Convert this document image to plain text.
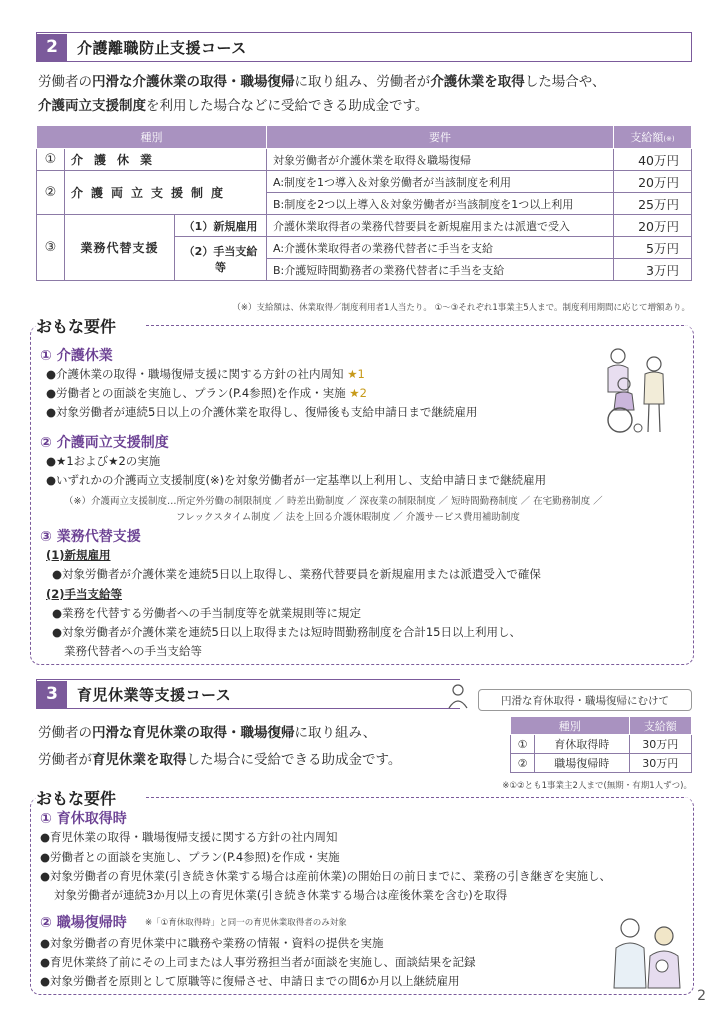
2	介護離職防止支援コース
労働者の円滑な介護休業の取得・職場復帰に取り組み、労働者が介護休業を取得した場合や、
介護両立支援制度を利用した場合などに受給できる助成金です。
種別			要件	支給額(※)
①	介護休業		対象労働者が介護休業を取得＆職場復帰	40万円
②	介護両立支援制度		A:制度を1つ導入＆対象労働者が当該制度を利用	20万円
			B:制度を2つ以上導入＆対象労働者が当該制度を1つ以上利用	25万円
③	業務代替支援	（1）新規雇用	介護休業取得者の業務代替要員を新規雇用または派遣で受入	20万円
		（2）手当支給等	A:介護休業取得者の業務代替者に手当を支給	5万円
			B:介護短時間勤務者の業務代替者に手当を支給	3万円
（※）支給額は、休業取得／制度利用者1人当たり。 ①〜③それぞれ1事業主5人まで。制度利用期間に応じて増額あり。
おもな要件
① 介護休業
●介護休業の取得・職場復帰支援に関する方針の社内周知 ★1
●労働者との面談を実施し、プラン(P.4参照)を作成・実施 ★2
●対象労働者が連続5日以上の介護休業を取得し、復帰後も支給申請日まで継続雇用
② 介護両立支援制度
●★1および★2の実施
●いずれかの介護両立支援制度(※)を対象労働者が一定基準以上利用し、支給申請日まで継続雇用
（※）介護両立支援制度…所定外労働の制限制度 ／ 時差出勤制度 ／ 深夜業の制限制度 ／ 短時間勤務制度 ／ 在宅勤務制度 ／
フレックスタイム制度 ／ 法を上回る介護休暇制度 ／ 介護サービス費用補助制度
③ 業務代替支援
(1)新規雇用
●対象労働者が介護休業を連続5日以上取得し、業務代替要員を新規雇用または派遣受入で確保
(2)手当支給等
●業務を代替する労働者への手当制度等を就業規則等に規定
●対象労働者が介護休業を連続5日以上取得または短時間勤務制度を合計15日以上利用し、
業務代替者への手当支給等
3	育児休業等支援コース	円滑な育休取得・職場復帰にむけて
労働者の円滑な育児休業の取得・職場復帰に取り組み、
労働者が育児休業を取得した場合に受給できる助成金です。
種別		支給額
①	育休取得時	30万円
②	職場復帰時	30万円
※①②とも1事業主2人まで(無期・有期1人ずつ)。
おもな要件
① 育休取得時
●育児休業の取得・職場復帰支援に関する方針の社内周知
●労働者との面談を実施し、プラン(P.4参照)を作成・実施
●対象労働者の育児休業(引き続き休業する場合は産前休業)の開始日の前日までに、業務の引き継ぎを実施し、
対象労働者が連続3か月以上の育児休業(引き続き休業する場合は産後休業を含む)を取得
② 職場復帰時 ※「①育休取得時」と同一の育児休業取得者のみ対象
●対象労働者の育児休業中に職務や業務の情報・資料の提供を実施
●育児休業終了前にその上司または人事労務担当者が面談を実施し、面談結果を記録
●対象労働者を原則として原職等に復帰させ、申請日までの間6か月以上継続雇用
2
